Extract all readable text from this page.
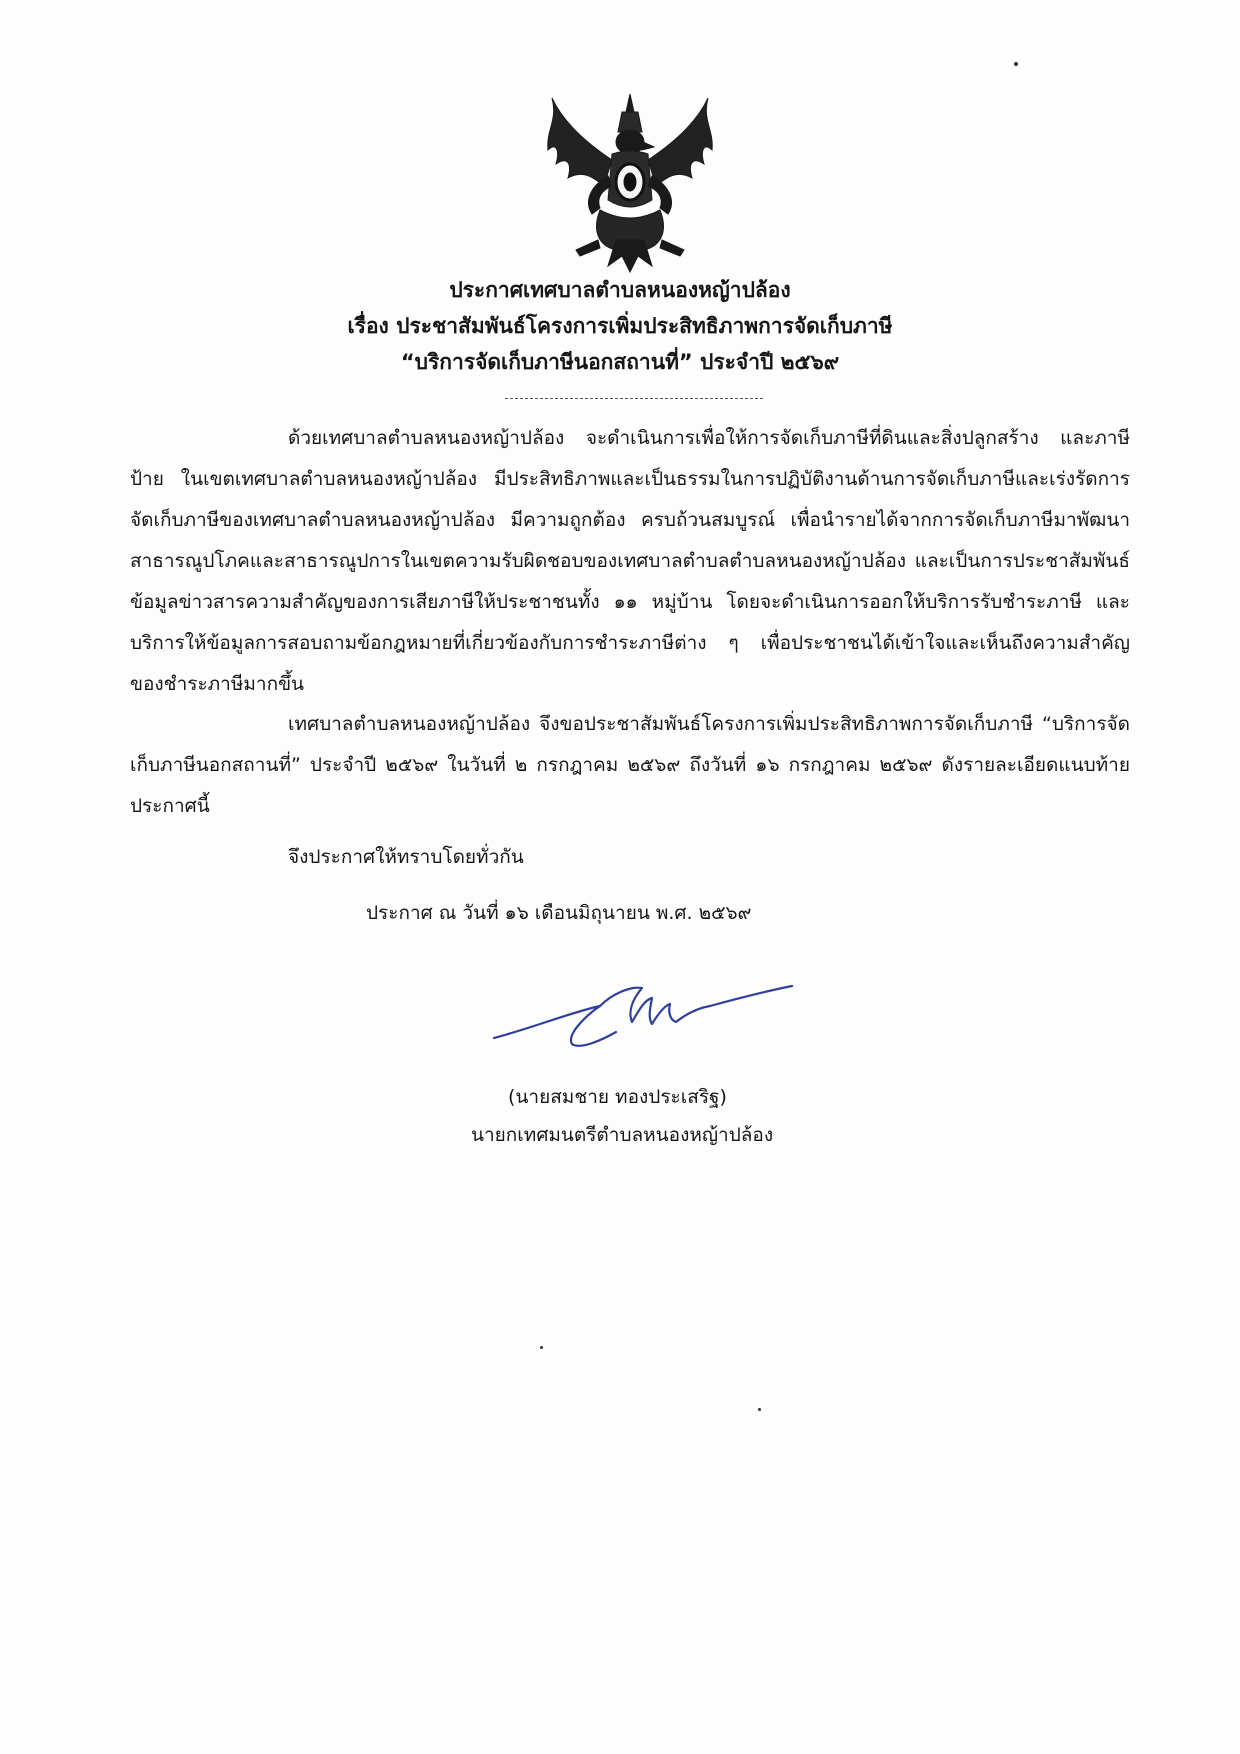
ประกาศเทศบาลตำบลหนองหญ้าปล้อง
เรื่อง ประชาสัมพันธ์โครงการเพิ่มประสิทธิภาพการจัดเก็บภาษี
“บริการจัดเก็บภาษีนอกสถานที่” ประจำปี ๒๕๖๙
ด้วยเทศบาลตำบลหนองหญ้าปล้อง จะดำเนินการเพื่อให้การจัดเก็บภาษีที่ดินและสิ่งปลูกสร้าง และภาษีป้าย ในเขตเทศบาลตำบลหนองหญ้าปล้อง มีประสิทธิภาพและเป็นธรรมในการปฏิบัติงานด้านการจัดเก็บภาษีและเร่งรัดการจัดเก็บภาษีของเทศบาลตำบลหนองหญ้าปล้อง มีความถูกต้อง ครบถ้วนสมบูรณ์ เพื่อนำรายได้จากการจัดเก็บภาษีมาพัฒนาสาธารณูปโภคและสาธารณูปการในเขตความรับผิดชอบของเทศบาลตำบลตำบลหนองหญ้าปล้อง และเป็นการประชาสัมพันธ์ข้อมูลข่าวสารความสำคัญของการเสียภาษีให้ประชาชนทั้ง ๑๑ หมู่บ้าน โดยจะดำเนินการออกให้บริการรับชำระภาษี และบริการให้ข้อมูลการสอบถามข้อกฎหมายที่เกี่ยวข้องกับการชำระภาษีต่าง ๆ เพื่อประชาชนได้เข้าใจและเห็นถึงความสำคัญของชำระภาษีมากขึ้น
เทศบาลตำบลหนองหญ้าปล้อง จึงขอประชาสัมพันธ์โครงการเพิ่มประสิทธิภาพการจัดเก็บภาษี “บริการจัดเก็บภาษีนอกสถานที่” ประจำปี ๒๕๖๙ ในวันที่ ๒ กรกฎาคม ๒๕๖๙ ถึงวันที่ ๑๖ กรกฎาคม ๒๕๖๙ ดังรายละเอียดแนบท้ายประกาศนี้
จึงประกาศให้ทราบโดยทั่วกัน
ประกาศ ณ วันที่ ๑๖ เดือนมิถุนายน พ.ศ. ๒๕๖๙
(นายสมชาย ทองประเสริฐ)
นายกเทศมนตรีตำบลหนองหญ้าปล้อง
